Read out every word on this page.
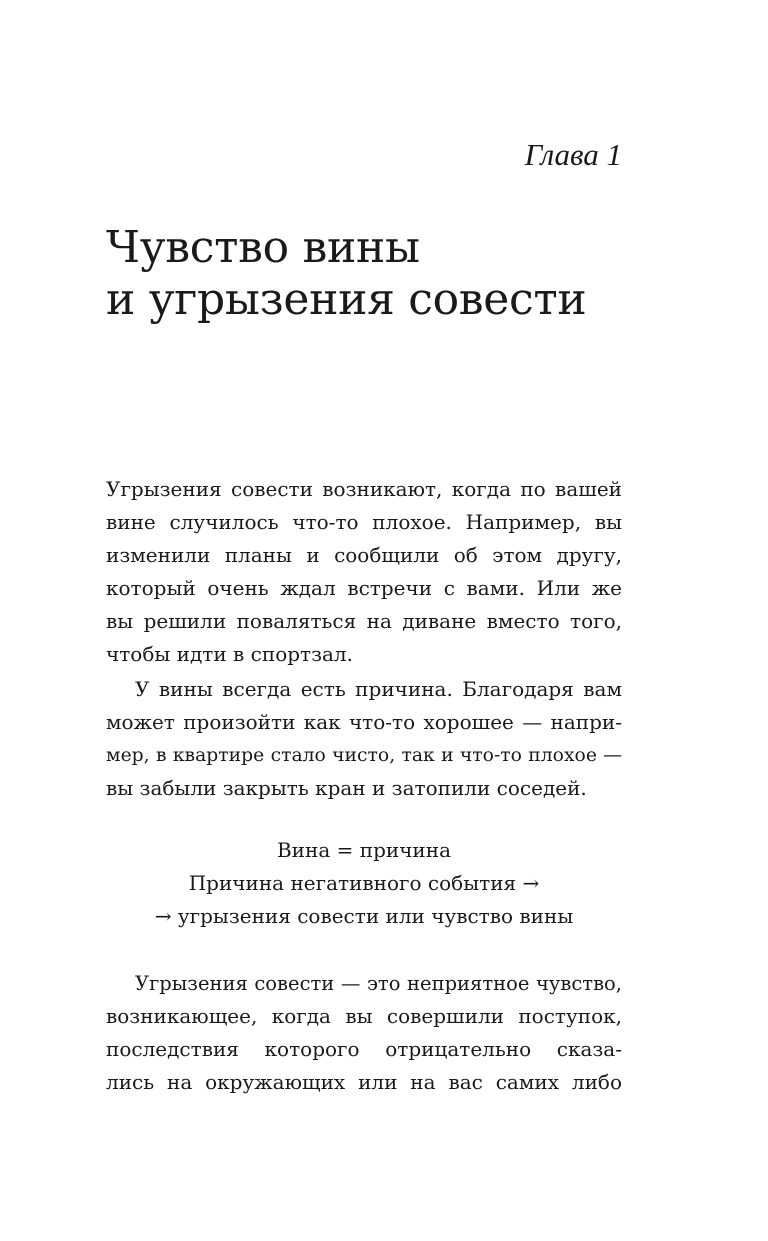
Глава 1
Чувство вины
и угрызения совести
Угрызения совести возникают, когда по вашей
вине случилось что-то плохое. Например, вы
изменили планы и сообщили об этом другу,
который очень ждал встречи с вами. Или же
вы решили поваляться на диване вместо того,
чтобы идти в спортзал.
У вины всегда есть причина. Благодаря вам
может произойти как что-то хорошее — напри-
мер, в квартире стало чисто, так и что-то плохое —
вы забыли закрыть кран и затопили соседей.
Вина = причина
Причина негативного события →
→ угрызения совести или чувство вины
Угрызения совести — это неприятное чувство,
возникающее, когда вы совершили поступок,
последствия которого отрицательно сказа-
лись на окружающих или на вас самих либо
